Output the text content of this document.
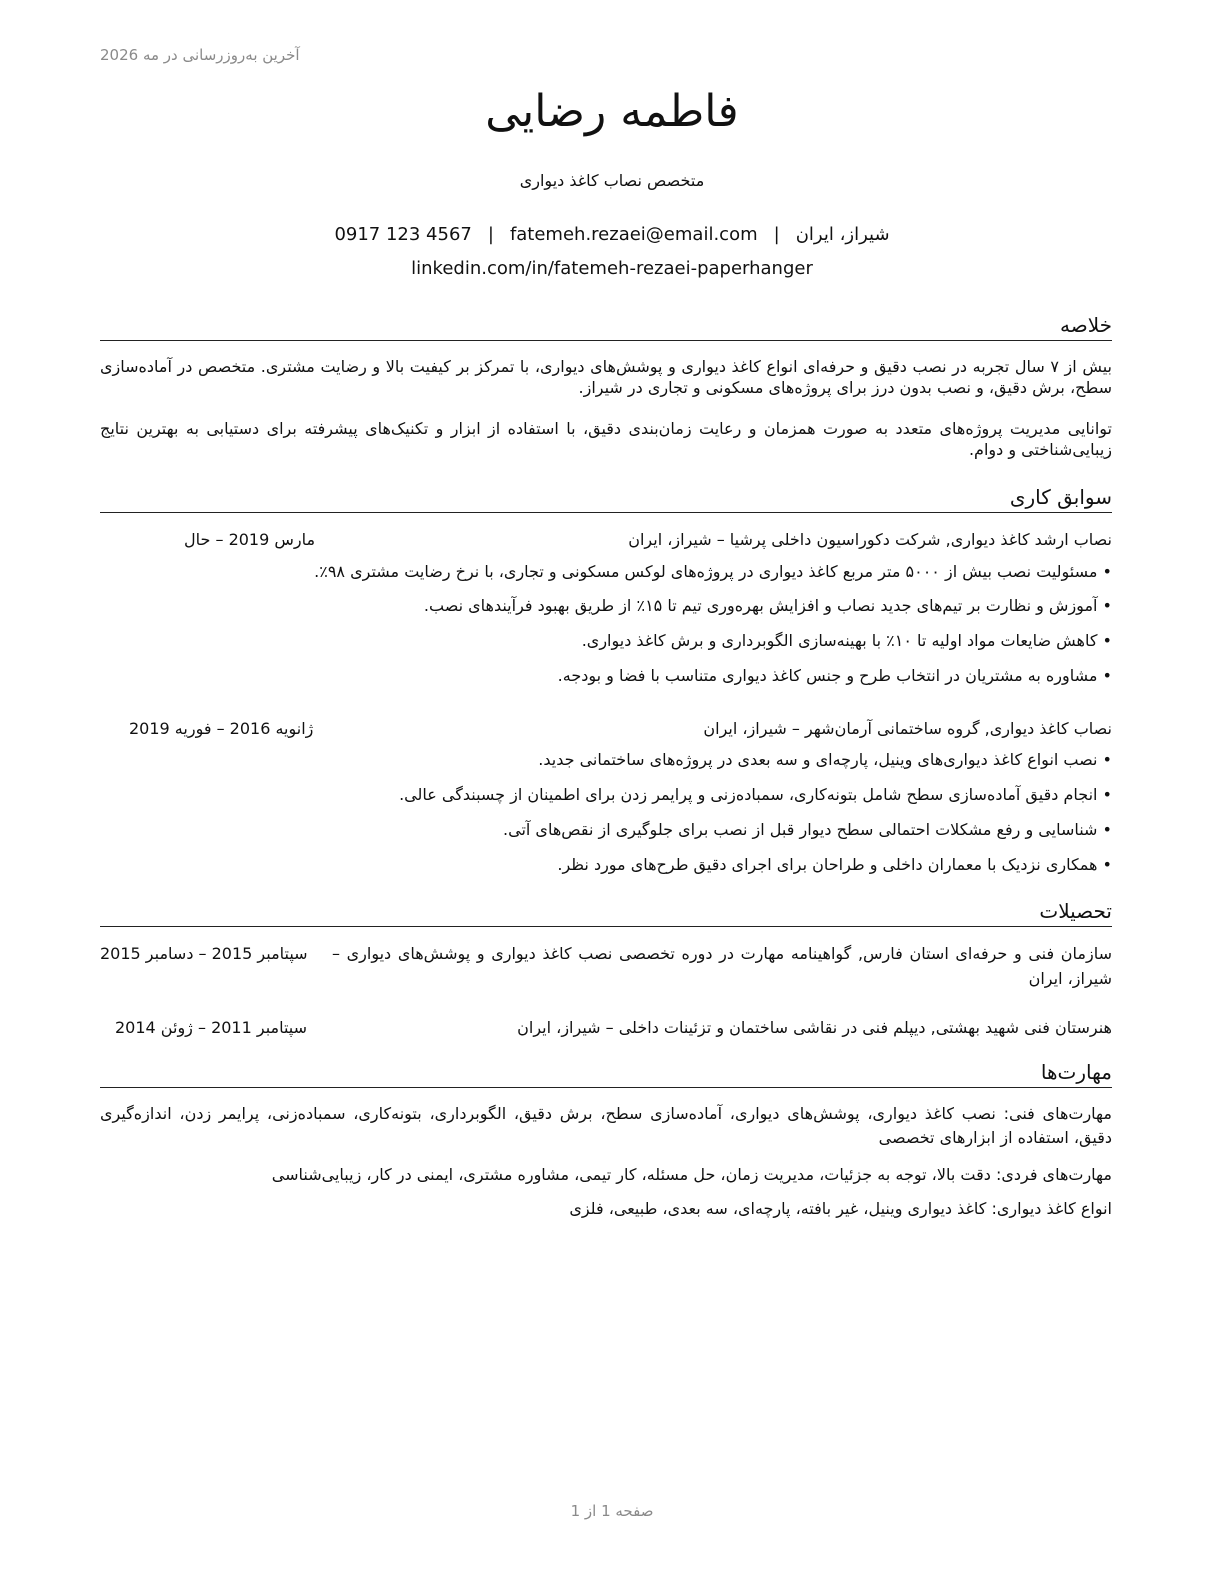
آخرین به‌روزرسانی در مه 2026
فاطمه رضایی
متخصص نصاب کاغذ دیواری
شیراز، ایران|fatemeh.rezaei@email.com|0917 123 4567
linkedin.com/in/fatemeh-rezaei-paperhanger
خلاصه
بیش از ۷ سال تجربه در نصب دقیق و حرفه‌ای انواع کاغذ دیواری و پوشش‌های دیواری، با تمرکز بر کیفیت بالا و رضایت مشتری. متخصص در آماده‌سازی سطح، برش دقیق، و نصب بدون درز برای پروژه‌های مسکونی و تجاری در شیراز.
توانایی مدیریت پروژه‌های متعدد به صورت همزمان و رعایت زمان‌بندی دقیق، با استفاده از ابزار و تکنیک‌های پیشرفته برای دستیابی به بهترین نتایج زیبایی‌شناختی و دوام.
سوابق کاری
نصاب ارشد کاغذ دیواری, شرکت دکوراسیون داخلی پرشیا – شیراز، ایران
مارس 2019 – حال
• مسئولیت نصب بیش از ۵۰۰۰ متر مربع کاغذ دیواری در پروژه‌های لوکس مسکونی و تجاری، با نرخ رضایت مشتری ۹۸٪.
• آموزش و نظارت بر تیم‌های جدید نصاب و افزایش بهره‌وری تیم تا ۱۵٪ از طریق بهبود فرآیندهای نصب.
• کاهش ضایعات مواد اولیه تا ۱۰٪ با بهینه‌سازی الگوبرداری و برش کاغذ دیواری.
• مشاوره به مشتریان در انتخاب طرح و جنس کاغذ دیواری متناسب با فضا و بودجه.
نصاب کاغذ دیواری, گروه ساختمانی آرمان‌شهر – شیراز، ایران
ژانویه 2016 – فوریه 2019
• نصب انواع کاغذ دیواری‌های وینیل، پارچه‌ای و سه بعدی در پروژه‌های ساختمانی جدید.
• انجام دقیق آماده‌سازی سطح شامل بتونه‌کاری، سمباده‌زنی و پرایمر زدن برای اطمینان از چسبندگی عالی.
• شناسایی و رفع مشکلات احتمالی سطح دیوار قبل از نصب برای جلوگیری از نقص‌های آتی.
• همکاری نزدیک با معماران داخلی و طراحان برای اجرای دقیق طرح‌های مورد نظر.
تحصیلات
سپتامبر 2015 – دسامبر 2015 سازمان فنی و حرفه‌ای استان فارس, گواهینامه مهارت در دوره تخصصی نصب کاغذ دیواری و پوشش‌های دیواری – شیراز، ایران
هنرستان فنی شهید بهشتی, دیپلم فنی در نقاشی ساختمان و تزئینات داخلی – شیراز، ایران
سپتامبر 2011 – ژوئن 2014
مهارت‌ها
مهارت‌های فنی: نصب کاغذ دیواری، پوشش‌های دیواری، آماده‌سازی سطح، برش دقیق، الگوبرداری، بتونه‌کاری، سمباده‌زنی، پرایمر زدن، اندازه‌گیری دقیق، استفاده از ابزارهای تخصصی
مهارت‌های فردی: دقت بالا، توجه به جزئیات، مدیریت زمان، حل مسئله، کار تیمی، مشاوره مشتری، ایمنی در کار، زیبایی‌شناسی
انواع کاغذ دیواری: کاغذ دیواری وینیل، غیر بافته، پارچه‌ای، سه بعدی، طبیعی، فلزی
صفحه 1 از 1
